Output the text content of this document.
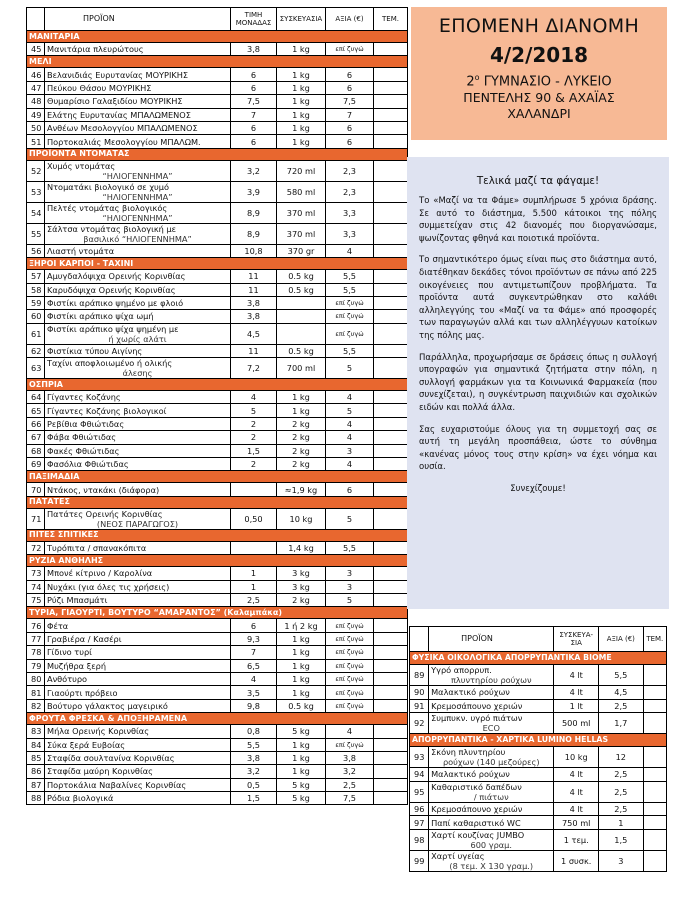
	ΠΡΟΪΟΝ	ΤΙΜΗ ΜΟΝΑΔΑΣ	ΣΥΣΚΕΥΑΣΙΑ	ΑΞΙΑ (€)	ΤΕΜ.
ΜΑΝΙΤΑΡΙΑ					
45	Μανιτάρια πλευρώτους	3,8	1 kg	επί ζυγώ	
ΜΕΛΙ					
46	Βελανιδιάς Ευρυτανίας ΜΟΥΡΙΚΗΣ	6	1 kg	6	
47	Πεύκου Θάσου ΜΟΥΡΙΚΗΣ	6	1 kg	6	
48	Θυμαρίσιο Γαλαξιδίου ΜΟΥΡΙΚΗΣ	7,5	1 kg	7,5	
49	Ελάτης Ευρυτανίας ΜΠΑΛΩΜΕΝΟΣ	7	1 kg	7	
50	Ανθέων Μεσολογγίου ΜΠΑΛΩΜΕΝΟΣ	6	1 kg	6	
51	Πορτοκαλιάς Μεσολογγίου ΜΠΑΛΩΜ.	6	1 kg	6	
ΠΡΟΪΟΝΤΑ ΝΤΟΜΑΤΑΣ					
52	Χυμός ντομάτας
“ΗΛΙΟΓΕΝΝΗΜΑ”	3,2	720 ml	2,3	
53	Ντοματάκι βιολογικό σε χυμό
“ΗΛΙΟΓΕΝΝΗΜΑ”	3,9	580 ml	2,3	
54	Πελτές ντομάτας βιολογικός
“ΗΛΙΟΓΕΝΝΗΜΑ”	8,9	370 ml	3,3	
55	Σάλτσα ντομάτας βιολογική με
βασιλικό “ΗΛΙΟΓΕΝΝΗΜΑ”	8,9	370 ml	3,3	
56	Λιαστή ντομάτα	10,8	370 gr	4	
ΞΗΡΟΙ ΚΑΡΠΟΙ - ΤΑΧΙΝΙ					
57	Αμυγδαλόψιχα Ορεινής Κορινθίας	11	0.5 kg	5,5	
58	Καρυδόψιχα Ορεινής Κορινθίας	11	0.5 kg	5,5	
59	Φιστίκι αράπικο ψημένο με φλοιό	3,8		επί ζυγώ	
60	Φιστίκι αράπικο ψίχα ωμή	3,8		επί ζυγώ	
61	Φιστίκι αράπικο ψίχα ψημένη με
ή χωρίς αλάτι	4,5		επί ζυγώ	
62	Φιστίκια τύπου Αιγίνης	11	0.5 kg	5,5	
63	Ταχίνι απoφλοιωμένο ή ολικής
άλεσης	7,2	700 ml	5	
ΟΣΠΡΙΑ					
64	Γίγαντες Κοζάνης	4	1 kg	4	
65	Γίγαντες Κοζάνης βιολογικοί	5	1 kg	5	
66	Ρεβίθια Φθιώτιδας	2	2 kg	4	
67	Φάβα Φθιώτιδας	2	2 kg	4	
68	Φακές Φθιώτιδας	1,5	2 kg	3	
69	Φασόλια Φθιώτιδας	2	2 kg	4	
ΠΑΞΙΜΑΔΙΑ					
70	Ντάκος, ντακάκι (διάφορα)		≈1,9 kg	6	
ΠΑΤΑΤΕΣ					
71	Πατάτες Ορεινής Κορινθίας
(ΝΕΟΣ ΠΑΡΑΓΩΓΟΣ)	0,50	10 kg	5	
ΠΙΤΕΣ ΣΠΙΤΙΚΕΣ					
72	Τυρόπιτα / σπανακόπιτα		1,4 kg	5,5	
ΡΥΖΙΑ ΑΝΘΗΛΗΣ					
73	Μπονέ κίτρινο / Καρολίνα	1	3 kg	3	
74	Νυχάκι (για όλες τις χρήσεις)	1	3 kg	3	
75	Ρύζι Μπασμάτι	2,5	2 kg	5	
ΤΥΡΙΑ, ΓΙΑΟΥΡΤΙ, ΒΟΥΤΥΡΟ “ΑΜΑΡΑΝΤΟΣ” (Καλαμπάκα)					
76	Φέτα	6	1 ή 2 kg	επί ζυγώ	
77	Γραβιέρα / Κασέρι	9,3	1 kg	επί ζυγώ	
78	Γίδινο τυρί	7	1 kg	επί ζυγώ	
79	Μυζήθρα ξερή	6,5	1 kg	επί ζυγώ	
80	Ανθότυρο	4	1 kg	επί ζυγώ	
81	Γιαούρτι πρόβειο	3,5	1 kg	επί ζυγώ	
82	Βούτυρο γάλακτος μαγειρικό	9,8	0.5 kg	επί ζυγώ	
ΦΡΟΥΤΑ ΦΡΕΣΚΑ & ΑΠΟΞΗΡΑΜΕΝΑ					
83	Μήλα Ορεινής Κορινθίας	0,8	5 kg	4	
84	Σύκα ξερά Ευβοίας	5,5	1 kg	επί ζυγώ	
85	Σταφίδα σουλτανίνα Κορινθίας	3,8	1 kg	3,8	
86	Σταφίδα μαύρη Κορινθίας	3,2	1 kg	3,2	
87	Πορτοκάλια Ναβαλίνες Κορινθίας	0,5	5 kg	2,5	
88	Ρόδια βιολογικά	1,5	5 kg	7,5	
ΕΠΟΜΕΝΗ ΔΙΑΝΟΜΗ
4/2/2018
$2^o$ ΓΥΜΝΑΣΙΟ - ΛΥΚΕΙΟ
ΠΕΝΤΕΛΗΣ 90 & ΑΧΑΪΑΣ
ΧΑΛΑΝΔΡΙ
Τελικά μαζί τα φάγαμε!

Το «Μαζί να τα Φάμε» συμπλήρωσε 5 χρόνια δράσης. Σε αυτό το διάστημα, 5.500 κάτοικοι της πόλης συμμετείχαν στις 42 διανομές που διοργανώσαμε, ψωνίζοντας φθηνά και ποιοτικά προϊόντα.

Το σημαντικότερο όμως είναι πως στο διάστημα αυτό, διατέθηκαν δεκάδες τόνοι προϊόντων σε πάνω από 225 οικογένειες που αντιμετωπίζουν προβλήματα. Τα προϊόντα αυτά συγκεντρώθηκαν στο καλάθι αλληλεγγύης του «Μαζί να τα Φάμε» από προσφορές των παραγωγών αλλά και των αλληλέγγυων κατοίκων της πόλης μας.

Παράλληλα, προχωρήσαμε σε δράσεις όπως η συλλογή υπογραφών για σημαντικά ζητήματα στην πόλη, η συλλογή φαρμάκων για τα Κοινωνικά Φαρμακεία (που συνεχίζεται), η συγκέντρωση παιχνιδιών και σχολικών ειδών και πολλά άλλα.

Σας ευχαριστούμε όλους για τη συμμετοχή σας σε αυτή τη μεγάλη προσπάθεια, ώστε το σύνθημα «κανένας μόνος τους στην κρίση» να έχει νόημα και ουσία.

Συνεχίζουμε!

	ΠΡΟΪΟΝ	ΣΥΣΚΕΥΑ-ΣΙΑ	ΑΞΙΑ (€)	ΤΕΜ.
ΦΥΣΙΚΑ ΟΙΚΟΛΟΓΙΚΑ ΑΠΟΡΡΥΠΑΝΤΙΚΑ BIOME				
89	Υγρό απορρυπ.
πλυντηρίου ρούχων	4 lt	5,5	
90	Μαλακτικό ρούχων	4 lt	4,5	
91	Κρεμοσάπουνο χεριών	1 lt	2,5	
92	Συμπυκν. υγρό πιάτων
ECO	500 ml	1,7	
ΑΠΟΡΡΥΠΑΝΤΙΚΑ - ΧΑΡΤΙΚΑ LUMINO HELLAS				
93	Σκόνη πλυντηρίου
ρούχων (140 μεζούρες)	10 kg	12	
94	Μαλακτικό ρούχων	4 lt	2,5	
95	Καθαριστικό δαπέδων
/ πιάτων	4 lt	2,5	
96	Κρεμοσάπουνο χεριών	4 lt	2,5	
97	Παπί καθαριστικό WC	750 ml	1	
98	Χαρτί κουζίνας JUMBO
600 γραμ.	1 τεμ.	1,5	
99	Χαρτί υγείας
(8 τεμ. Χ 130 γραμ.)	1 συσκ.	3	
